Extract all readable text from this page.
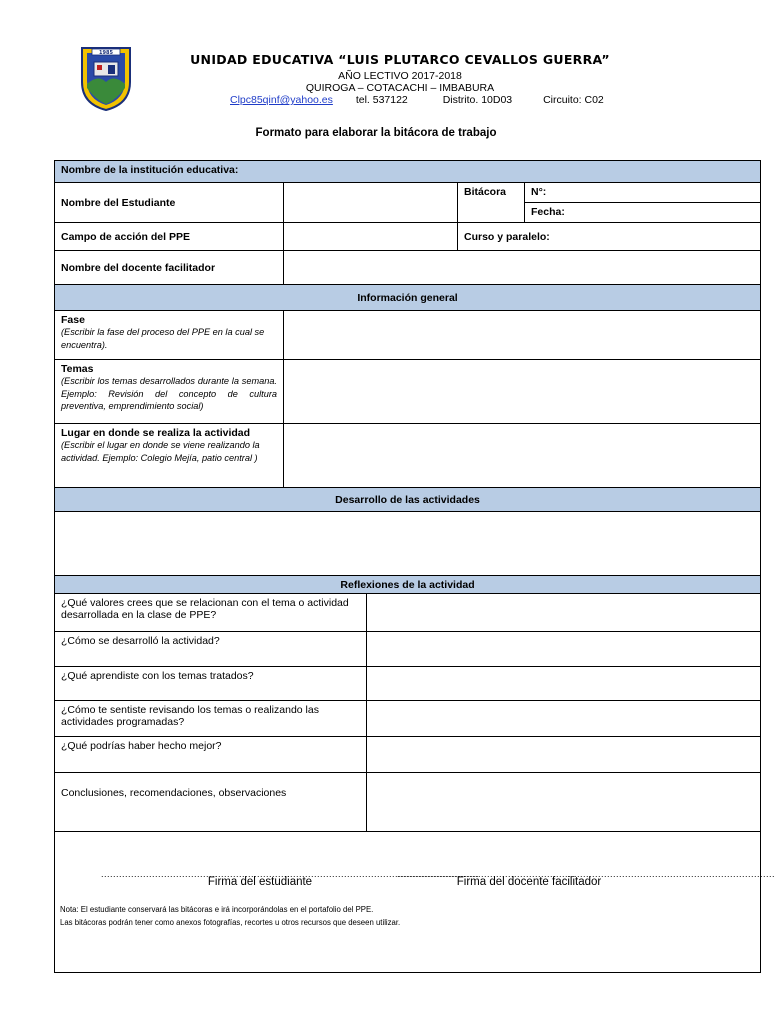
1985	UNIDAD EDUCATIVA “LUIS PLUTARCO CEVALLOS GUERRA”
AÑO LECTIVO 2017-2018
QUIROGA – COTACACHI – IMBABURA
Clpc85qinf@yahoo.es tel. 537122	Distrito. 10D03	Circuito: C02
Formato para elaborar la bitácora de trabajo
Nombre de la institución educativa:				
Nombre del Estudiante			Bitácora	N°:
				Fecha:
Campo de acción del PPE			Curso y paralelo:	
Nombre del docente facilitador				
Información general				

Fase
(Escribir la fase del proceso del PPE en la cual se encuentra).				

Temas
(Escribir los temas desarrollados durante la semana. Ejemplo: Revisión del concepto de cultura preventiva, emprendimiento social)				

Lugar en donde se realiza la actividad
(Escribir el lugar en donde se viene realizando la actividad. Ejemplo: Colegio Mejía, patio central )				

Desarrollo de las actividades				

Reflexiones de la actividad				
¿Qué valores crees que se relacionan con el tema o actividad desarrollada en la clase de PPE?				
¿Cómo se desarrolló la actividad?				
¿Qué aprendiste con los temas tratados?				
¿Cómo te sentiste revisando los temas o realizando las actividades programadas?				
¿Qué podrías haber hecho mejor?				
Conclusiones, recomendaciones, observaciones				

..............................................................................................................................
..............................................................................................................................
Firma del estudiante	Firma del docente facilitador
Nota: El estudiante conservará las bitácoras e irá incorporándolas en el portafolio del PPE.
Las bitácoras podrán tener como anexos fotografías, recortes u otros recursos que deseen utilizar.
